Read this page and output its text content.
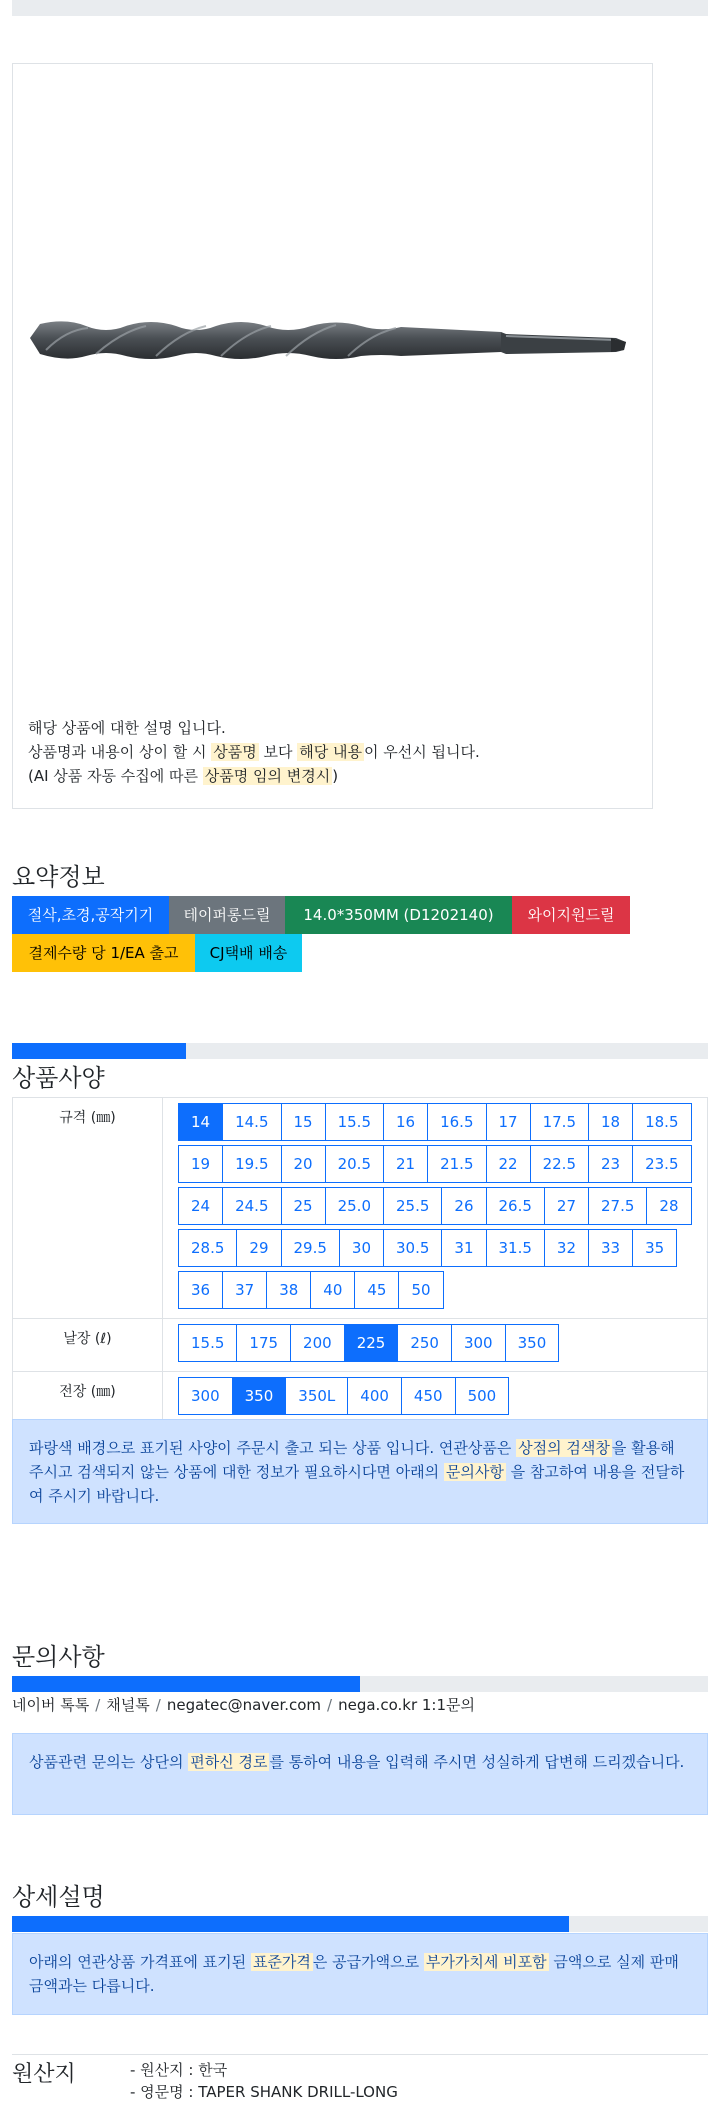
해당 상품에 대한 설명 입니다.
상품명과 내용이 상이 할 시 상품명 보다 해당 내용 이 우선시 됩니다.
(AI 상품 자동 수집에 따른 상품명 임의 변경시 )
요약정보
절삭,초경,공작기기	테이퍼롱드릴	14.0*350MM (D1202140)	와이지원드릴
결제수량 당 1/EA 출고	CJ택배 배송
상품사양
규격 (㎜)	14	14.5	15	15.5	16	16.5	17	17.5	18	18.5
19	19.5	20	20.5	21	21.5	22	22.5	23	23.5
24	24.5	25	25.0	25.5	26	26.5	27	27.5	28
28.5	29	29.5	30	30.5	31	31.5	32	33	35
36	37	38	40	45	50
날장 (ℓ)	15.5	175	200	225	250	300	350
전장 (㎜)	300	350	350L	400	450	500
파랑색 배경으로 표기된 사양이 주문시 출고 되는 상품 입니다. 연관상품은 상점의 검색창 을 활용해 주시고 검색되지 않는 상품에 대한 정보가 필요하시다면 아래의 문의사항 을 참고하여 내용을 전달하여 주시기 바랍니다.
문의사항
네이버 톡톡 / 채널톡 / negatec@naver.com / nega.co.kr 1:1문의
상품관련 문의는 상단의 편하신 경로 를 통하여 내용을 입력해 주시면 성실하게 답변해 드리겠습니다.
상세설명
아래의 연관상품 가격표에 표기된 표준가격 은 공급가액으로 부가가치세 비포함 금액으로 실제 판매금액과는 다릅니다.
원산지	- 원산지 : 한국
- 영문명 : TAPER SHANK DRILL-LONG
